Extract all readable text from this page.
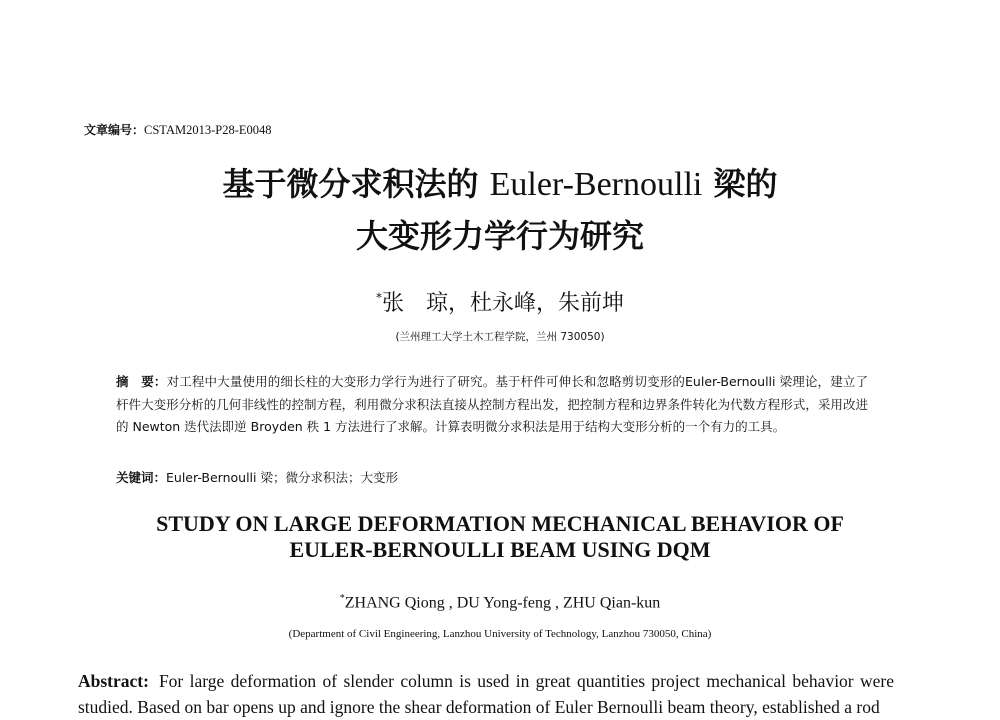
文章编号：CSTAM2013-P28-E0048
基于微分求积法的 Euler-Bernoulli 梁的
大变形力学行为研究
*张　琼，杜永峰，朱前坤
(兰州理工大学土木工程学院，兰州 730050)
摘　要：对工程中大量使用的细长柱的大变形力学行为进行了研究。基于杆件可伸长和忽略剪切变形的Euler-Bernoulli 梁理论，建立了杆件大变形分析的几何非线性的控制方程，利用微分求积法直接从控制方程出发，把控制方程和边界条件转化为代数方程形式，采用改进的 Newton 迭代法即逆 Broyden 秩 1 方法进行了求解。计算表明微分求积法是用于结构大变形分析的一个有力的工具。
关键词：Euler-Bernoulli 梁；微分求积法；大变形
STUDY ON LARGE DEFORMATION MECHANICAL BEHAVIOR OF
EULER-BERNOULLI BEAM USING DQM
*ZHANG Qiong , DU Yong-feng , ZHU Qian-kun
(Department of Civil Engineering, Lanzhou University of Technology, Lanzhou 730050, China)
Abstract: For large deformation of slender column is used in great quantities project mechanical behavior were studied. Based on bar opens up and ignore the shear deformation of Euler Bernoulli beam theory, established a rod
